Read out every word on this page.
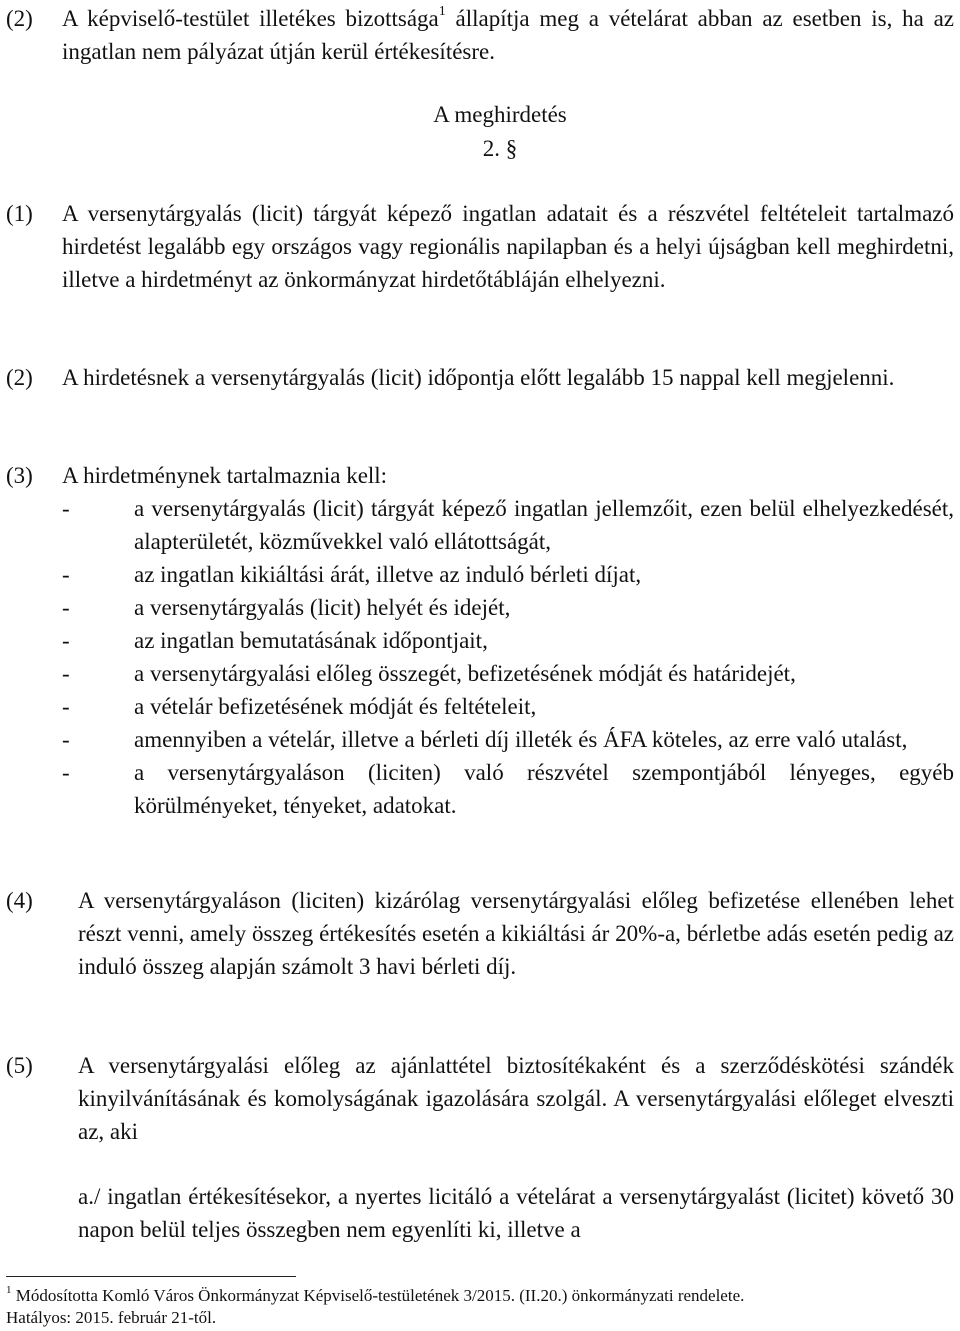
(2) A képviselő-testület illetékes bizottsága$^1$ állapítja meg a vételárat abban az esetben is, ha az ingatlan nem pályázat útján kerül értékesítésre.
A meghirdetés
2. §
(1) A versenytárgyalás (licit) tárgyát képező ingatlan adatait és a részvétel feltételeit tartalmazó hirdetést legalább egy országos vagy regionális napilapban és a helyi újságban kell meghirdetni, illetve a hirdetményt az önkormányzat hirdetőtábláján elhelyezni.
(2) A hirdetésnek a versenytárgyalás (licit) időpontja előtt legalább 15 nappal kell megjelenni.
(3) A hirdetménynek tartalmaznia kell:
-	a versenytárgyalás (licit) tárgyát képező ingatlan jellemzőit, ezen belül elhelyezkedését, alapterületét, közművekkel való ellátottságát,
-	az ingatlan kikiáltási árát, illetve az induló bérleti díjat,
-	a versenytárgyalás (licit) helyét és idejét,
-	az ingatlan bemutatásának időpontjait,
-	a versenytárgyalási előleg összegét, befizetésének módját és határidejét,
-	a vételár befizetésének módját és feltételeit,
-	amennyiben a vételár, illetve a bérleti díj illeték és ÁFA köteles, az erre való utalást,
-	a versenytárgyaláson (liciten) való részvétel szempontjából lényeges, egyéb körülményeket, tényeket, adatokat.
(4) A versenytárgyaláson (liciten) kizárólag versenytárgyalási előleg befizetése ellenében lehet részt venni, amely összeg értékesítés esetén a kikiáltási ár 20%-a, bérletbe adás esetén pedig az induló összeg alapján számolt 3 havi bérleti díj.
(5) A versenytárgyalási előleg az ajánlattétel biztosítékaként és a szerződéskötési szándék kinyilvánításának és komolyságának igazolására szolgál. A versenytárgyalási előleget elveszti az, aki
a./ ingatlan értékesítésekor, a nyertes licitáló a vételárat a versenytárgyalást (licitet) követő 30 napon belül teljes összegben nem egyenlíti ki, illetve a
$^1$ Módosította Komló Város Önkormányzat Képviselő-testületének 3/2015. (II.20.) önkormányzati rendelete.
Hatályos: 2015. február 21-től.
